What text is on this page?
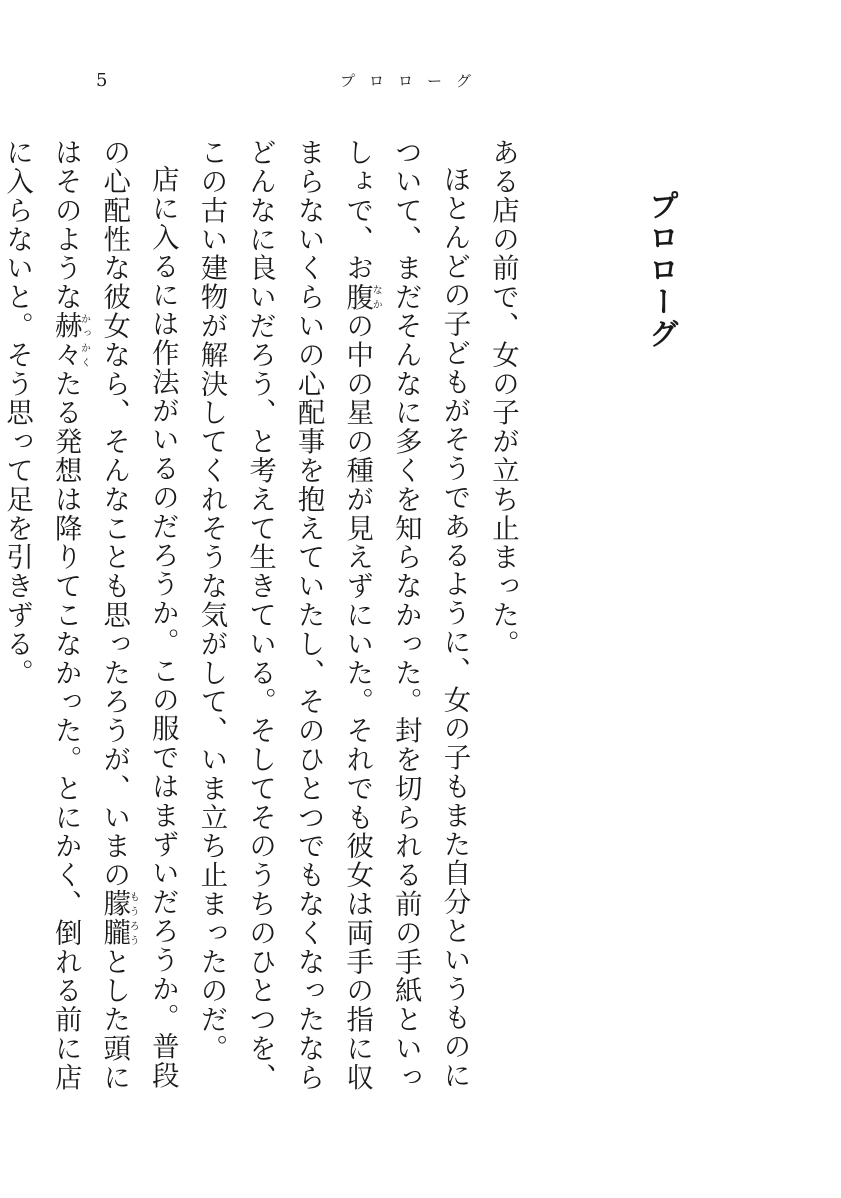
5	プロローグ
プロローグ

ある店の前で、女の子が立ち止まった。

ほとんどの子どもがそうであるように、女の子もまた自分というものについて、まだそんなに多くを知らなかった。封を切られる前の手紙といっしょで、お腹なかの中の星の種が見えずにいた。それでも彼女は両手の指に収まらないくらいの心配事を抱えていたし、そのひとつでもなくなったならどんなに良いだろう、と考えて生きている。そしてそのうちのひとつを、この古い建物が解決してくれそうな気がして、いま立ち止まったのだ。

店に入るには作法がいるのだろうか。この服ではまずいだろうか。普段の心配性な彼女なら、そんなことも思ったろうが、いまの朦朧もうろうとした頭にはそのような赫々かっかくたる発想は降りてこなかった。とにかく、倒れる前に店に入らないと。そう思って足を引きずる。
